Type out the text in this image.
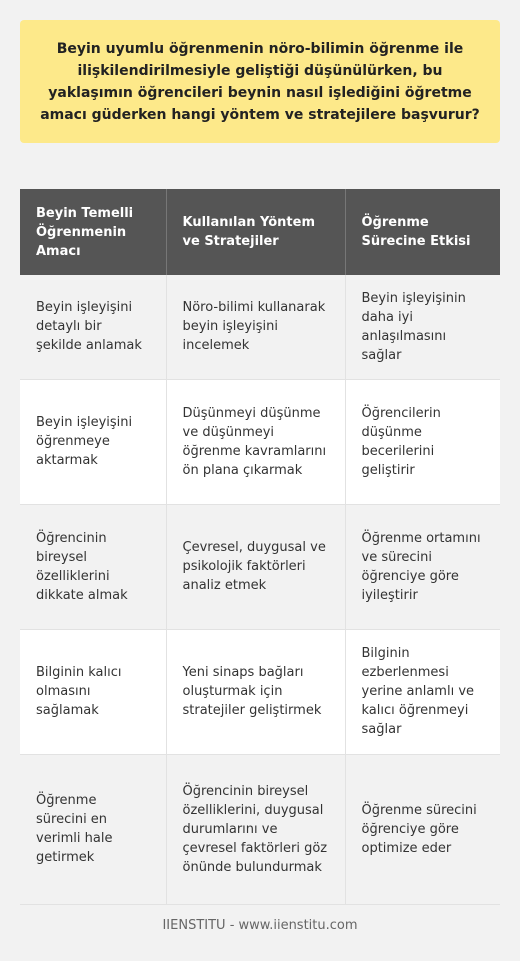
Beyin uyumlu öğrenmenin nöro-bilimin öğrenme ile ilişkilendirilmesiyle geliştiği düşünülürken, bu yaklaşımın öğrencileri beynin nasıl işlediğini öğretme amacı güderken hangi yöntem ve stratejilere başvurur?
Beyin Temelli Öğrenmenin Amacı	Kullanılan Yöntem ve Stratejiler	Öğrenme Sürecine Etkisi
Beyin işleyişini detaylı bir şekilde anlamak	Nöro-bilimi kullanarak beyin işleyişini incelemek	Beyin işleyişinin daha iyi anlaşılmasını sağlar
Beyin işleyişini öğrenmeye aktarmak	Düşünmeyi düşünme ve düşünmeyi öğrenme kavramlarını ön plana çıkarmak	Öğrencilerin düşünme becerilerini geliştirir
Öğrencinin bireysel özelliklerini dikkate almak	Çevresel, duygusal ve psikolojik faktörleri analiz etmek	Öğrenme ortamını ve sürecini öğrenciye göre iyileştirir
Bilginin kalıcı olmasını sağlamak	Yeni sinaps bağları oluşturmak için stratejiler geliştirmek	Bilginin ezberlenmesi yerine anlamlı ve kalıcı öğrenmeyi sağlar
Öğrenme sürecini en verimli hale getirmek	Öğrencinin bireysel özelliklerini, duygusal durumlarını ve çevresel faktörleri göz önünde bulundurmak	Öğrenme sürecini öğrenciye göre optimize eder
IIENSTITU - www.iienstitu.com
